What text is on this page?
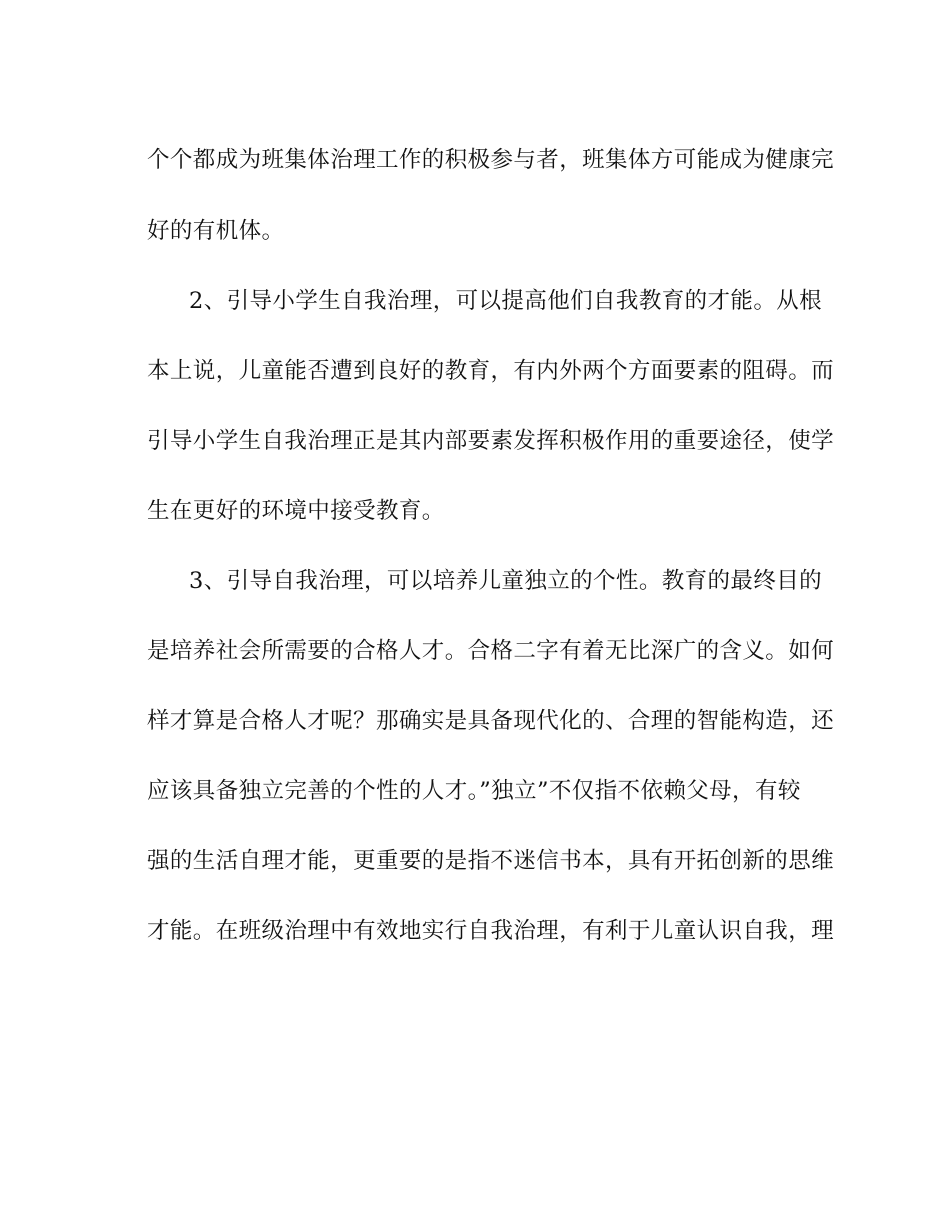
个个都成为班集体治理工作的积极参与者，班集体方可能成为健康完
好的有机体。
2、引导小学生自我治理，可以提高他们自我教育的才能。从根
本上说，儿童能否遭到良好的教育，有内外两个方面要素的阻碍。而
引导小学生自我治理正是其内部要素发挥积极作用的重要途径，使学
生在更好的环境中接受教育。
3、引导自我治理，可以培养儿童独立的个性。教育的最终目的
是培养社会所需要的合格人才。合格二字有着无比深广的含义。如何
样才算是合格人才呢？那确实是具备现代化的、合理的智能构造，还
应该具备独立完善的个性的人才。”独立”不仅指不依赖父母，有较
强的生活自理才能，更重要的是指不迷信书本，具有开拓创新的思维
才能。在班级治理中有效地实行自我治理，有利于儿童认识自我，理
